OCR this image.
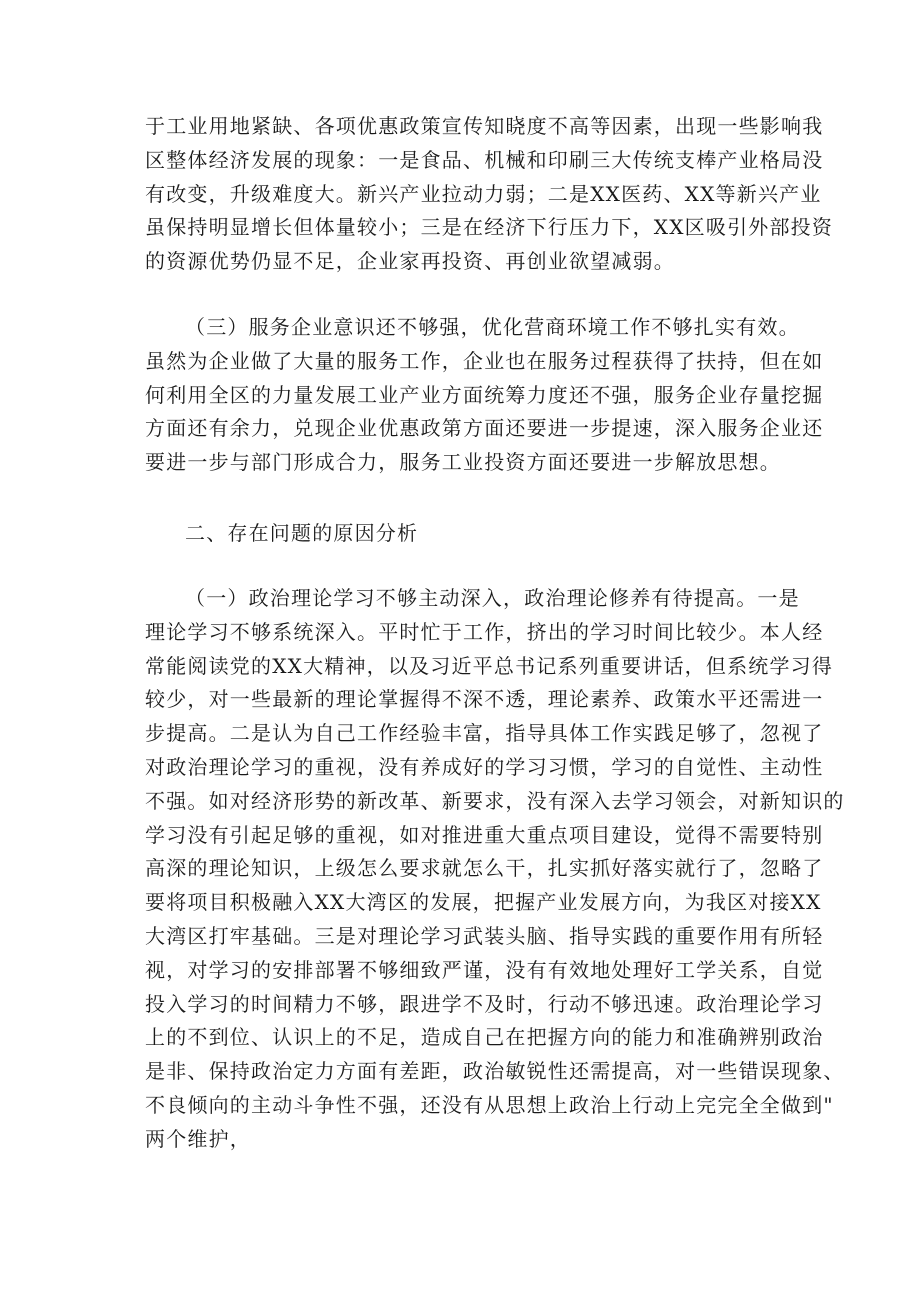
于工业用地紧缺、各项优惠政策宣传知晓度不高等因素，出现一些影响我
区整体经济发展的现象：一是食品、机械和印刷三大传统支棒产业格局没
有改变，升级难度大。新兴产业拉动力弱；二是XX医药、XX等新兴产业
虽保持明显增长但体量较小；三是在经济下行压力下，XX区吸引外部投资
的资源优势仍显不足，企业家再投资、再创业欲望减弱。

（三）服务企业意识还不够强，优化营商环境工作不够扎实有效。
虽然为企业做了大量的服务工作，企业也在服务过程获得了扶持，但在如
何利用全区的力量发展工业产业方面统筹力度还不强，服务企业存量挖掘
方面还有余力，兑现企业优惠政第方面还要进一步提速，深入服务企业还
要进一步与部门形成合力，服务工业投资方面还要进一步解放思想。

二、存在问题的原因分析

（一）政治理论学习不够主动深入，政治理论修养有待提高。一是
理论学习不够系统深入。平时忙于工作，挤出的学习时间比较少。本人经
常能阅读党的XX大精神，以及习近平总书记系列重要讲话，但系统学习得
较少，对一些最新的理论掌握得不深不透，理论素养、政策水平还需进一
步提高。二是认为自己工作经验丰富，指导具体工作实践足够了，忽视了
对政治理论学习的重视，没有养成好的学习习惯，学习的自觉性、主动性
不强。如对经济形势的新改革、新要求，没有深入去学习领会，对新知识的
学习没有引起足够的重视，如对推进重大重点项目建设，觉得不需要特别
高深的理论知识，上级怎么要求就怎么干，扎实抓好落实就行了，忽略了
要将项目积极融入XX大湾区的发展，把握产业发展方向，为我区对接XX
大湾区打牢基础。三是对理论学习武装头脑、指导实践的重要作用有所轻
视，对学习的安排部署不够细致严谨，没有有效地处理好工学关系，自觉
投入学习的时间精力不够，跟进学不及时，行动不够迅速。政治理论学习
上的不到位、认识上的不足，造成自己在把握方向的能力和准确辨别政治
是非、保持政治定力方面有差距，政治敏锐性还需提高，对一些错误现象、
不良倾向的主动斗争性不强，还没有从思想上政治上行动上完完全全做到"
两个维护，
